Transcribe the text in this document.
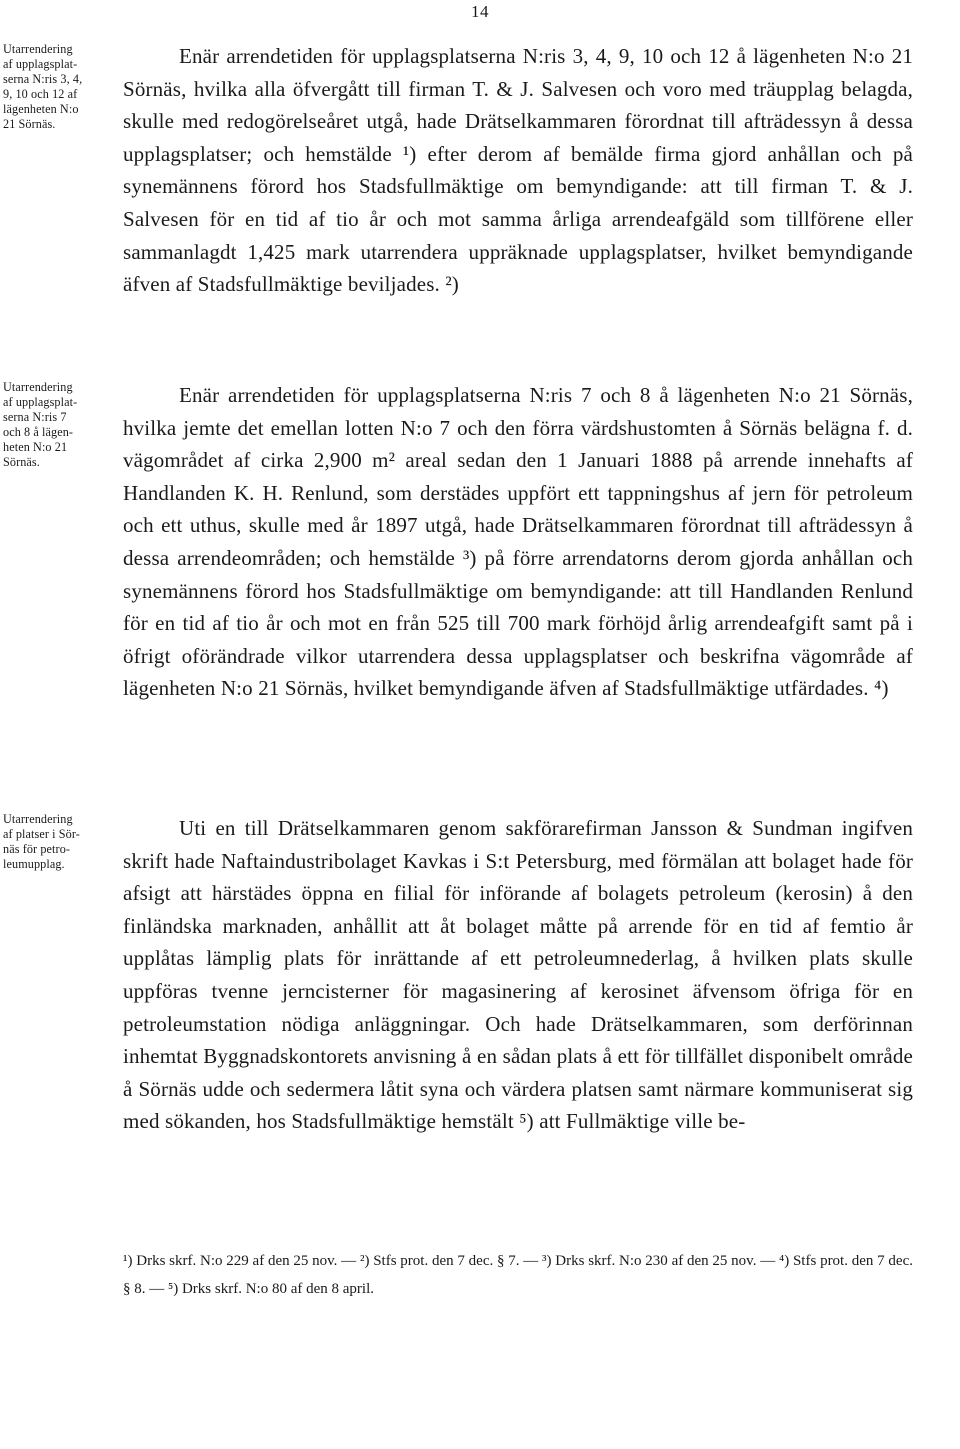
14
Utarrendering
af upplagsplat-
serna N:ris 3, 4,
9, 10 och 12 af
lägenheten N:o
21 Sörnäs.
Utarrendering
af upplagsplat-
serna N:ris 7
och 8 å lägen-
heten N:o 21
Sörnäs.
Utarrendering
af platser i Sör-
näs för petro-
leumupplag.

Enär arrendetiden för upplagsplatserna N:ris 3, 4, 9, 10 och 12 å lägenheten N:o 21 Sörnäs, hvilka alla öfvergått till firman T. & J. Salvesen och voro med träupplag belagda, skulle med redogörelseåret utgå, hade Drätselkammaren förordnat till afträdessyn å dessa upplagsplatser; och hemstälde ¹) efter derom af bemälde firma gjord anhållan och på synemännens förord hos Stadsfullmäktige om bemyndigande: att till firman T. & J. Salvesen för en tid af tio år och mot samma årliga arrendeafgäld som tillförene eller sammanlagdt 1,425 mark utarrendera uppräknade upplagsplatser, hvilket bemyndigande äfven af Stadsfullmäktige beviljades. ²)

Enär arrendetiden för upplagsplatserna N:ris 7 och 8 å lägenheten N:o 21 Sörnäs, hvilka jemte det emellan lotten N:o 7 och den förra värdshustomten å Sörnäs belägna f. d. vägområdet af cirka 2,900 m² areal sedan den 1 Januari 1888 på arrende innehafts af Handlanden K. H. Renlund, som derstädes uppfört ett tappningshus af jern för petroleum och ett uthus, skulle med år 1897 utgå, hade Drätselkammaren förordnat till afträdessyn å dessa arrendeområden; och hemstälde ³) på förre arrendatorns derom gjorda anhållan och synemännens förord hos Stadsfullmäktige om bemyndigande: att till Handlanden Renlund för en tid af tio år och mot en från 525 till 700 mark förhöjd årlig arrendeafgift samt på i öfrigt oförändrade vilkor utarrendera dessa upplagsplatser och beskrifna vägområde af lägenheten N:o 21 Sörnäs, hvilket bemyndigande äfven af Stadsfullmäktige utfärdades. ⁴)

Uti en till Drätselkammaren genom sakförarefirman Jansson & Sundman ingifven skrift hade Naftaindustribolaget Kavkas i S:t Petersburg, med förmälan att bolaget hade för afsigt att härstädes öppna en filial för införande af bolagets petroleum (kerosin) å den finländska marknaden, anhållit att åt bolaget måtte på arrende för en tid af femtio år upplåtas lämplig plats för inrättande af ett petroleumnederlag, å hvilken plats skulle uppföras tvenne jerncisterner för magasinering af kerosinet äfvensom öfriga för en petroleumstation nödiga anläggningar. Och hade Drätselkammaren, som derförinnan inhemtat Byggnadskontorets anvisning å en sådan plats å ett för tillfället disponibelt område å Sörnäs udde och sedermera låtit syna och värdera platsen samt närmare kommuniserat sig med sökanden, hos Stadsfullmäktige hemstält ⁵) att Fullmäktige ville be-

¹) Drks skrf. N:o 229 af den 25 nov. — ²) Stfs prot. den 7 dec. § 7. — ³) Drks skrf. N:o 230 af den 25 nov. — ⁴) Stfs prot. den 7 dec. § 8. — ⁵) Drks skrf. N:o 80 af den 8 april.
